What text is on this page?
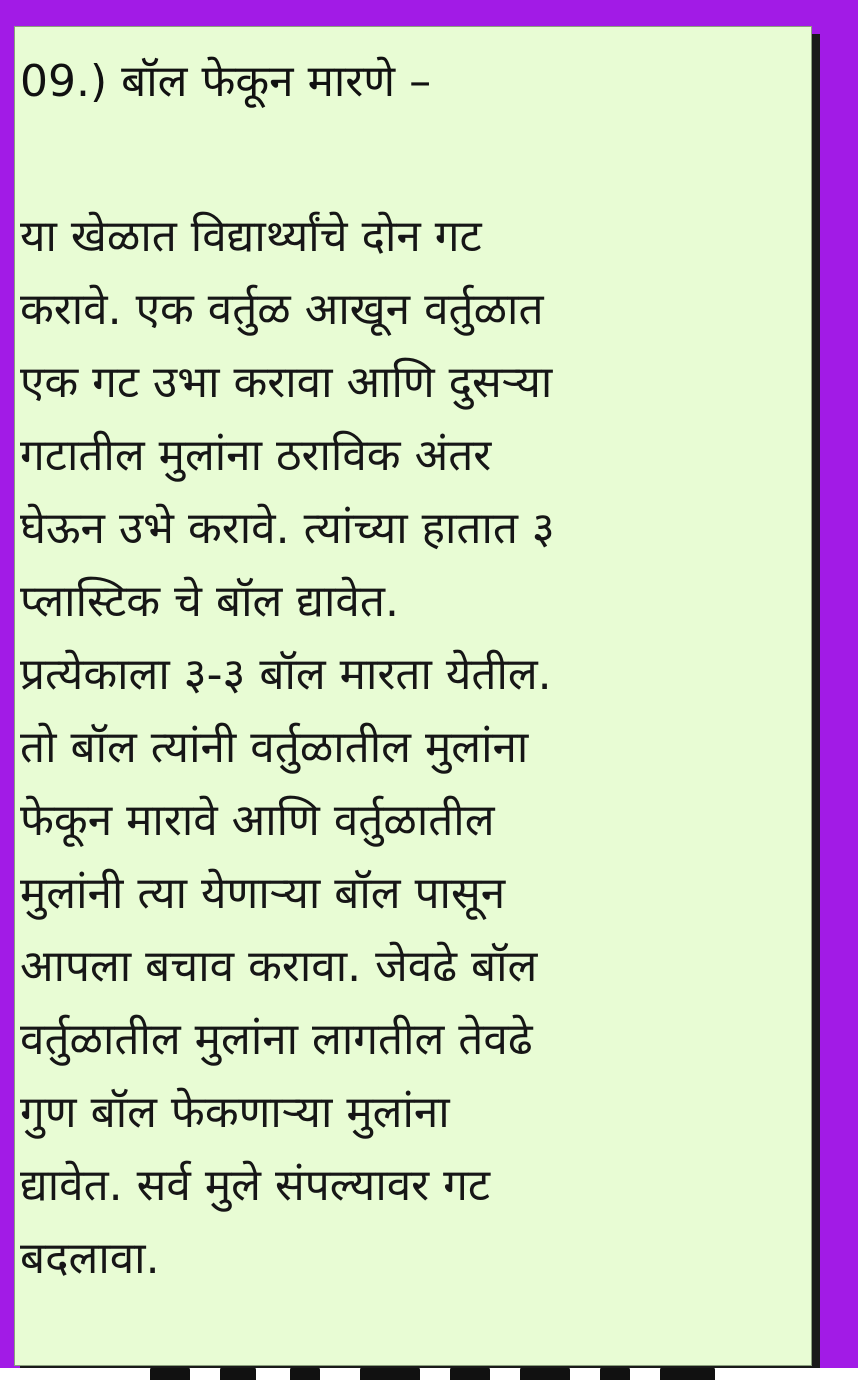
09.) बॉल फेकून मारणे –
या खेळात विद्यार्थ्यांचे दोन गट
करावे. एक वर्तुळ आखून वर्तुळात
एक गट उभा करावा आणि दुसऱ्या
गटातील मुलांना ठराविक अंतर
घेऊन उभे करावे. त्यांच्या हातात ३
प्लास्टिक चे बॉल द्यावेत.
प्रत्येकाला ३-३ बॉल मारता येतील.
तो बॉल त्यांनी वर्तुळातील मुलांना
फेकून मारावे आणि वर्तुळातील
मुलांनी त्या येणाऱ्या बॉल पासून
आपला बचाव करावा. जेवढे बॉल
वर्तुळातील मुलांना लागतील तेवढे
गुण बॉल फेकणाऱ्या मुलांना
द्यावेत. सर्व मुले संपल्यावर गट
बदलावा.
